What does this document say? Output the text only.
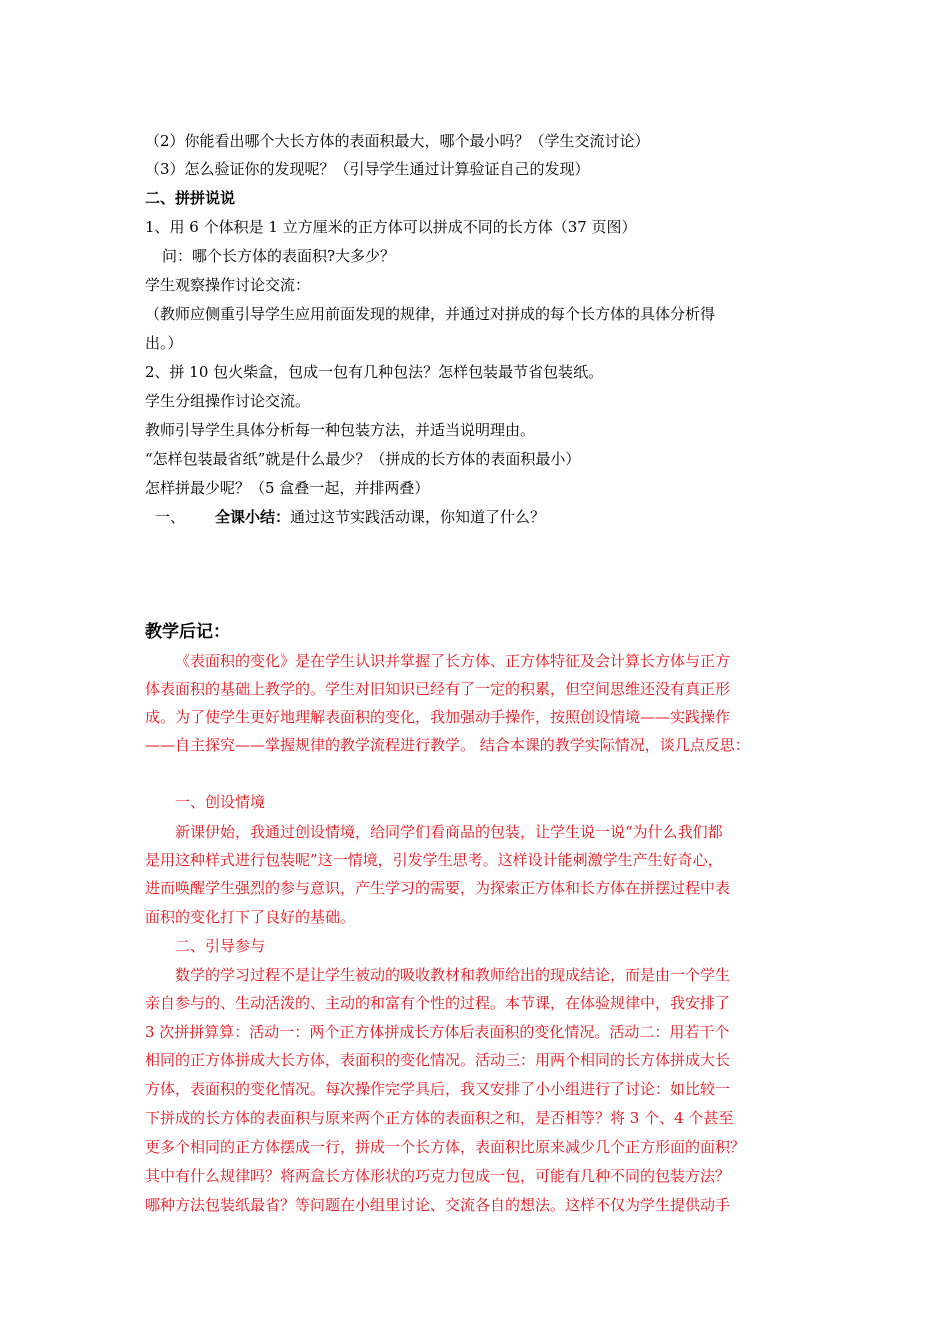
（2）你能看出哪个大长方体的表面积最大，哪个最小吗？（学生交流讨论）
（3）怎么验证你的发现呢？（引导学生通过计算验证自己的发现）
二、拼拼说说
1、用 6 个体积是 1 立方厘米的正方体可以拼成不同的长方体（37 页图）
问：哪个长方体的表面积?大多少？
学生观察操作讨论交流：
（教师应侧重引导学生应用前面发现的规律，并通过对拼成的每个长方体的具体分析得
出。）
2、拼 10 包火柴盒，包成一包有几种包法？怎样包装最节省包装纸。
学生分组操作讨论交流。
教师引导学生具体分析每一种包装方法，并适当说明理由。
“怎样包装最省纸”就是什么最少？（拼成的长方体的表面积最小）
怎样拼最少呢？（5 盒叠一起，并排两叠）
一、 全课小结：通过这节实践活动课，你知道了什么？
教学后记：
《表面积的变化》是在学生认识并掌握了长方体、正方体特征及会计算长方体与正方
体表面积的基础上教学的。学生对旧知识已经有了一定的积累，但空间思维还没有真正形
成。为了使学生更好地理解表面积的变化，我加强动手操作，按照创设情境——实践操作
——自主探究——掌握规律的教学流程进行教学。 结合本课的教学实际情况，谈几点反思：
一、创设情境
新课伊始，我通过创设情境，给同学们看商品的包装，让学生说一说“为什么我们都
是用这种样式进行包装呢”这一情境，引发学生思考。这样设计能刺激学生产生好奇心，
进而唤醒学生强烈的参与意识，产生学习的需要，为探索正方体和长方体在拼摆过程中表
面积的变化打下了良好的基础。
二、引导参与
数学的学习过程不是让学生被动的吸收教材和教师给出的现成结论，而是由一个学生
亲自参与的、生动活泼的、主动的和富有个性的过程。本节课，在体验规律中，我安排了
3 次拼拼算算：活动一：两个正方体拼成长方体后表面积的变化情况。活动二：用若干个
相同的正方体拼成大长方体，表面积的变化情况。活动三：用两个相同的长方体拼成大长
方体，表面积的变化情况。每次操作完学具后，我又安排了小小组进行了讨论：如比较一
下拼成的长方体的表面积与原来两个正方体的表面积之和，是否相等？将 3 个、4 个甚至
更多个相同的正方体摆成一行，拼成一个长方体，表面积比原来减少几个正方形面的面积？
其中有什么规律吗？将两盒长方体形状的巧克力包成一包，可能有几种不同的包装方法？
哪种方法包装纸最省？等问题在小组里讨论、交流各自的想法。这样不仅为学生提供动手
